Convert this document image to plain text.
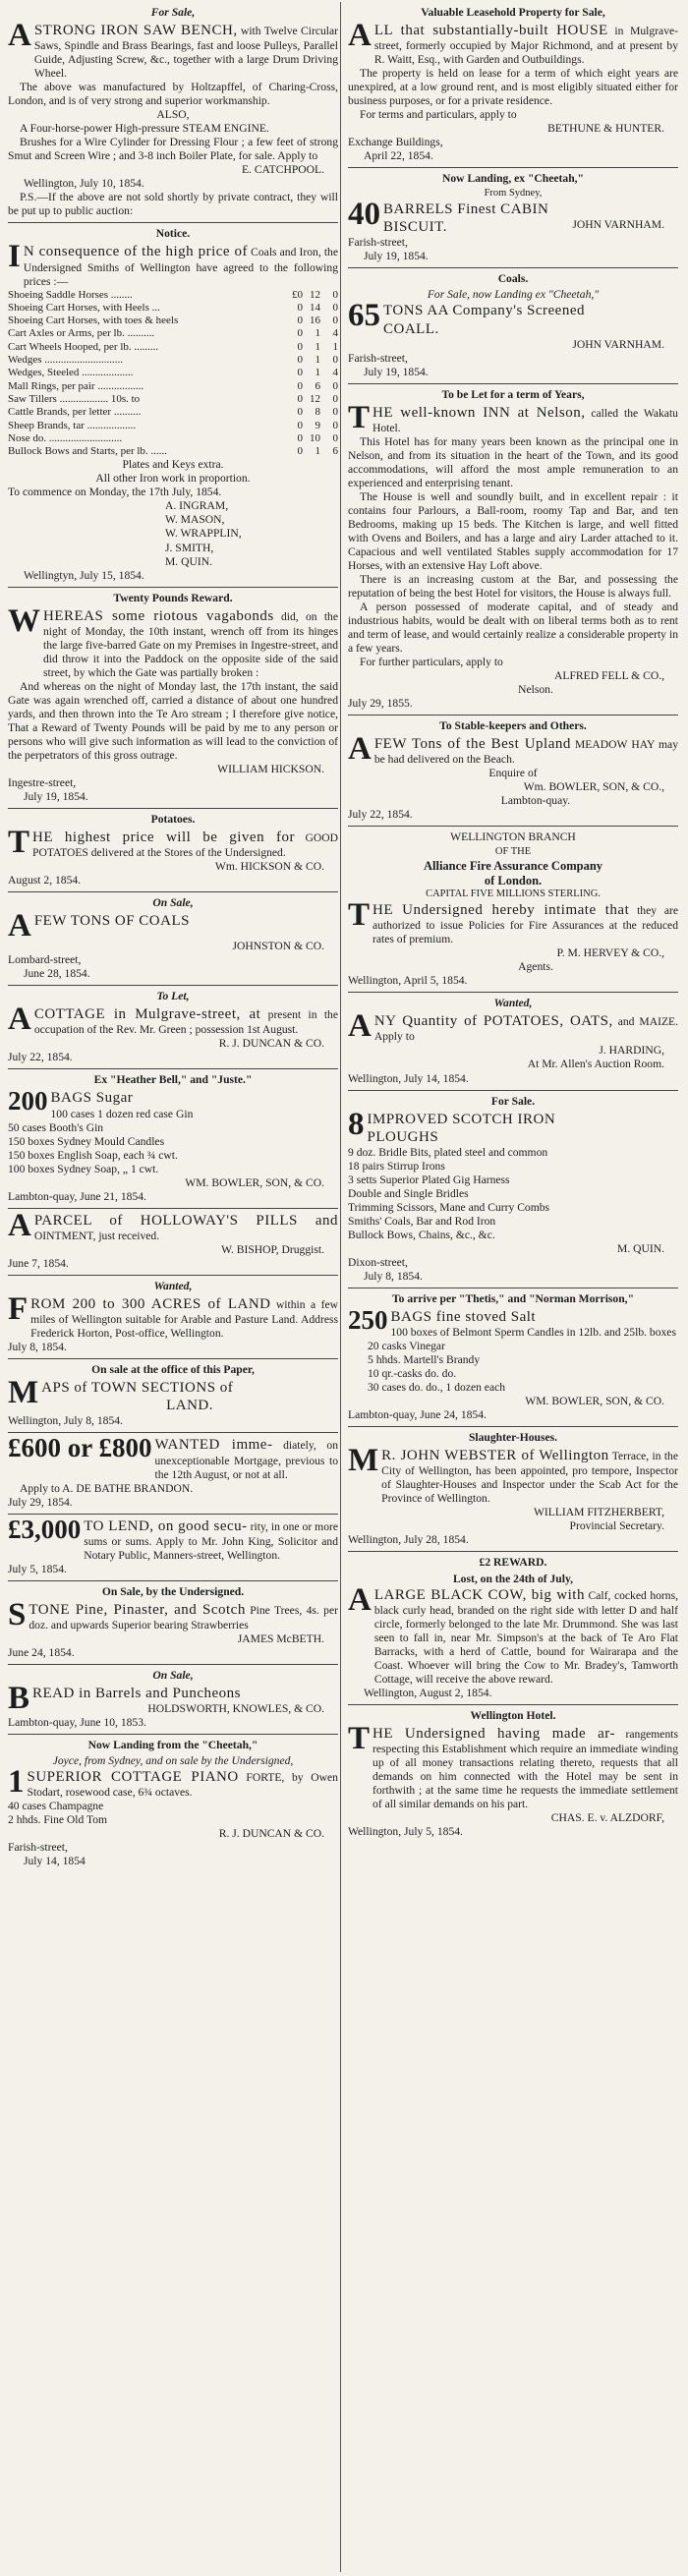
For Sale,
A STRONG IRON SAW BENCH, with Twelve Circular Saws, Spindle and Brass Bearings, fast and loose Pulleys, Parallel Guide, Adjusting Screw, &c., together with a large Drum Driving Wheel.

The above was manufactured by Holtzapffel, of Charing-Cross, London, and is of very strong and superior workmanship.

ALSO,

A Four-horse-power High-pressure STEAM ENGINE.

Brushes for a Wire Cylinder for Dressing Flour ; a few feet of strong Smut and Screen Wire ; and 3-8 inch Boiler Plate, for sale. Apply to

E. CATCHPOOL.
Wellington, July 10, 1854.

P.S.—If the above are not sold shortly by private contract, they will be put up to public auction:

Notice.
I N consequence of the high price of Coals and Iron, the Undersigned Smiths of Wellington have agreed to the following prices :—
Shoeing Saddle Horses ........	£0	12	0
Shoeing Cart Horses, with Heels ...	0	14	0
Shoeing Cart Horses, with toes & heels	0	16	0
Cart Axles or Arms, per lb. ..........	0	1	4
Cart Wheels Hooped, per lb. .........	0	1	1
Wedges .............................	0	1	0
Wedges, Steeled ...................	0	1	4
Mall Rings, per pair .................	0	6	0
Saw Tillers .................. 10s. to	0	12	0
Cattle Brands, per letter ..........	0	8	0
Sheep Brands, tar ..................	0	9	0
Nose do. ...........................	0	10	0
Bullock Bows and Starts, per lb. ......	0	1	6
Plates and Keys extra.
All other Iron work in proportion.
To commence on Monday, the 17th July, 1854.
A. INGRAM,
W. MASON,
W. WRAPPLIN,
J. SMITH,
M. QUIN.
Wellingtyn, July 15, 1854.
Twenty Pounds Reward.
W HEREAS some riotous vagabonds did, on the night of Monday, the 10th instant, wrench off from its hinges the large five-barred Gate on my Premises in Ingestre-street, and did throw it into the Paddock on the opposite side of the said street, by which the Gate was partially broken :

And whereas on the night of Monday last, the 17th instant, the said Gate was again wrenched off, carried a distance of about one hundred yards, and then thrown into the Te Aro stream ; I therefore give notice, That a Reward of Twenty Pounds will be paid by me to any person or persons who will give such information as will lead to the conviction of the perpetrators of this gross outrage.

WILLIAM HICKSON.
Ingestre-street,
July 19, 1854.
Potatoes.
T HE highest price will be given for GOOD POTATOES delivered at the Stores of the Undersigned.
Wm. HICKSON & CO.
August 2, 1854.
On Sale,
A FEW TONS OF COALS
JOHNSTON & CO.
Lombard-street,
June 28, 1854.
To Let,
A COTTAGE in Mulgrave-street, at present in the occupation of the Rev. Mr. Green ; possession 1st August.
R. J. DUNCAN & CO.
July 22, 1854.
Ex "Heather Bell," and "Juste."
200 BAGS Sugar
100 cases 1 dozen red case Gin
50 cases Booth's Gin
150 boxes Sydney Mould Candles
150 boxes English Soap, each ¾ cwt.
100 boxes Sydney Soap, „ 1 cwt.
WM. BOWLER, SON, & CO.
Lambton-quay, June 21, 1854.
A PARCEL of HOLLOWAY'S PILLS and OINTMENT, just received.
W. BISHOP, Druggist.
June 7, 1854.
Wanted,
F ROM 200 to 300 ACRES of LAND within a few miles of Wellington suitable for Arable and Pasture Land. Address Frederick Horton, Post-office, Wellington.
July 8, 1854.
On sale at the office of this Paper,
M APS of TOWN SECTIONS of
LAND.
Wellington, July 8, 1854.
£600 or £800 WANTED imme- diately, on unexceptionable Mortgage, previous to the 12th August, or not at all.
Apply to A. DE BATHE BRANDON.
July 29, 1854.
£3,000 TO LEND, on good secu- rity, in one or more sums or sums. Apply to Mr. John King, Solicitor and Notary Public, Manners-street, Wellington.
July 5, 1854.
On Sale, by the Undersigned.
S TONE Pine, Pinaster, and Scotch Pine Trees, 4s. per doz. and upwards Superior bearing Strawberries
JAMES McBETH.
June 24, 1854.
On Sale,
B READ in Barrels and Puncheons
HOLDSWORTH, KNOWLES, & CO.
Lambton-quay, June 10, 1853.
Now Landing from the "Cheetah,"
Joyce, from Sydney, and on sale by the Undersigned,
1 SUPERIOR COTTAGE PIANO FORTE, by Owen Stodart, rosewood case, 6¾ octaves.
40 cases Champagne
2 hhds. Fine Old Tom
R. J. DUNCAN & CO.
Farish-street,
July 14, 1854
Valuable Leasehold Property for Sale,
A LL that substantially-built HOUSE in Mulgrave-street, formerly occupied by Major Richmond, and at present by R. Waitt, Esq., with Garden and Outbuildings.

The property is held on lease for a term of which eight years are unexpired, at a low ground rent, and is most eligibly situated either for business purposes, or for a private residence.

For terms and particulars, apply to

BETHUNE & HUNTER.
Exchange Buildings,
April 22, 1854.
Now Landing, ex "Cheetah,"
From Sydney,
40 BARRELS Finest CABIN
BISCUIT.	JOHN VARNHAM.
Farish-street,
July 19, 1854.
Coals.
For Sale, now Landing ex "Cheetah,"
65 TONS AA Company's Screened
COALL.
JOHN VARNHAM.
Farish-street,
July 19, 1854.
To be Let for a term of Years,
T HE well-known INN at Nelson, called the Wakatu Hotel.

This Hotel has for many years been known as the principal one in Nelson, and from its situation in the heart of the Town, and its good accommodations, will afford the most ample remuneration to an experienced and enterprising tenant.

The House is well and soundly built, and in excellent repair : it contains four Parlours, a Ball-room, roomy Tap and Bar, and ten Bedrooms, making up 15 beds. The Kitchen is large, and well fitted with Ovens and Boilers, and has a large and airy Larder attached to it. Capacious and well ventilated Stables supply accommodation for 17 Horses, with an extensive Hay Loft above.

There is an increasing custom at the Bar, and possessing the reputation of being the best Hotel for visitors, the House is always full.

A person possessed of moderate capital, and of steady and industrious habits, would be dealt with on liberal terms both as to rent and term of lease, and would certainly realize a considerable property in a few years.

For further particulars, apply to

ALFRED FELL & CO.,
Nelson.
July 29, 1855.
To Stable-keepers and Others.
A FEW Tons of the Best Upland MEADOW HAY may be had delivered on the Beach.
Enquire of
Wm. BOWLER, SON, & CO.,
Lambton-quay.
July 22, 1854.
WELLINGTON BRANCH
OF THE
Alliance Fire Assurance Company
of London.
CAPITAL FIVE MILLIONS STERLING.
T HE Undersigned hereby intimate that they are authorized to issue Policies for Fire Assurances at the reduced rates of premium.
P. M. HERVEY & CO.,
Agents.
Wellington, April 5, 1854.
Wanted,
A NY Quantity of POTATOES, OATS, and MAIZE. Apply to
J. HARDING,
At Mr. Allen's Auction Room.
Wellington, July 14, 1854.
For Sale.
8 IMPROVED SCOTCH IRON
PLOUGHS
9 doz. Bridle Bits, plated steel and common
18 pairs Stirrup Irons
3 setts Superior Plated Gig Harness
Double and Single Bridles
Trimming Scissors, Mane and Curry Combs
Smiths' Coals, Bar and Rod Iron
Bullock Bows, Chains, &c., &c.
M. QUIN.
Dixon-street,
July 8, 1854.
To arrive per "Thetis," and "Norman Morrison,"
250 BAGS fine stoved Salt
100 boxes of Belmont Sperm Candles in 12lb. and 25lb. boxes
20 casks Vinegar
5 hhds. Martell's Brandy
10 qr.-casks do. do.
30 cases do. do., 1 dozen each
WM. BOWLER, SON, & CO.
Lambton-quay, June 24, 1854.
Slaughter-Houses.
M R. JOHN WEBSTER of Wellington Terrace, in the City of Wellington, has been appointed, pro tempore, Inspector of Slaughter-Houses and Inspector under the Scab Act for the Province of Wellington.
WILLIAM FITZHERBERT,
Provincial Secretary.
Wellington, July 28, 1854.
£2 REWARD.
Lost, on the 24th of July,
A LARGE BLACK COW, big with Calf, cocked horns, black curly head, branded on the right side with letter D and half circle, formerly belonged to the late Mr. Drummond. She was last seen to fall in, near Mr. Simpson's at the back of Te Aro Flat Barracks, with a herd of Cattle, bound for Wairarapa and the Coast. Whoever will bring the Cow to Mr. Bradey's, Tamworth Cottage, will receive the above reward.
Wellington, August 2, 1854.
Wellington Hotel.
T HE Undersigned having made ar- rangements respecting this Establishment which require an immediate winding up of all money transactions relating thereto, requests that all demands on him connected with the Hotel may be sent in forthwith ; at the same time he requests the immediate settlement of all similar demands on his part.
CHAS. E. v. ALZDORF,
Wellington, July 5, 1854.
